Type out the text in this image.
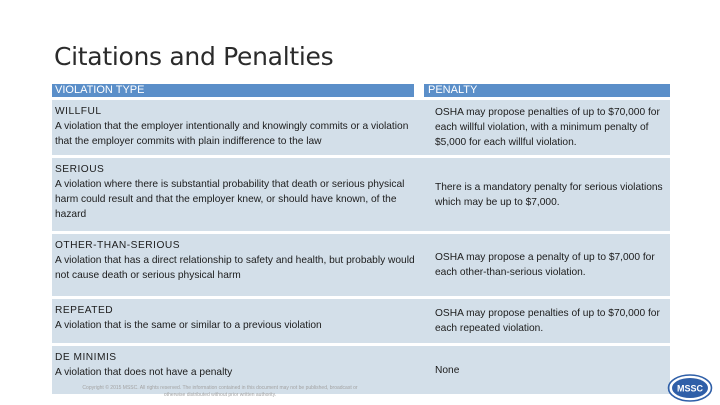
Citations and Penalties
VIOLATION TYPE	PENALTY
WILLFUL
A violation that the employer intentionally and knowingly commits or a violation that the employer commits with plain indifference to the law
OSHA may propose penalties of up to $70,000 for each willful violation, with a minimum penalty of $5,000 for each willful violation.
SERIOUS
A violation where there is substantial probability that death or serious physical harm could result and that the employer knew, or should have known, of the hazard
There is a mandatory penalty for serious violations which may be up to $7,000.
OTHER-THAN-SERIOUS
A violation that has a direct relationship to safety and health, but probably would not cause death or serious physical harm
OSHA may propose a penalty of up to $7,000 for each other-than-serious violation.
REPEATED
A violation that is the same or similar to a previous violation
OSHA may propose penalties of up to $70,000 for each repeated violation.
DE MINIMIS
A violation that does not have a penalty	None
Copyright © 2015 MSSC. All rights reserved. The information contained in this document may not be published, broadcast or
otherwise distributed without prior written authority.
MSSC
